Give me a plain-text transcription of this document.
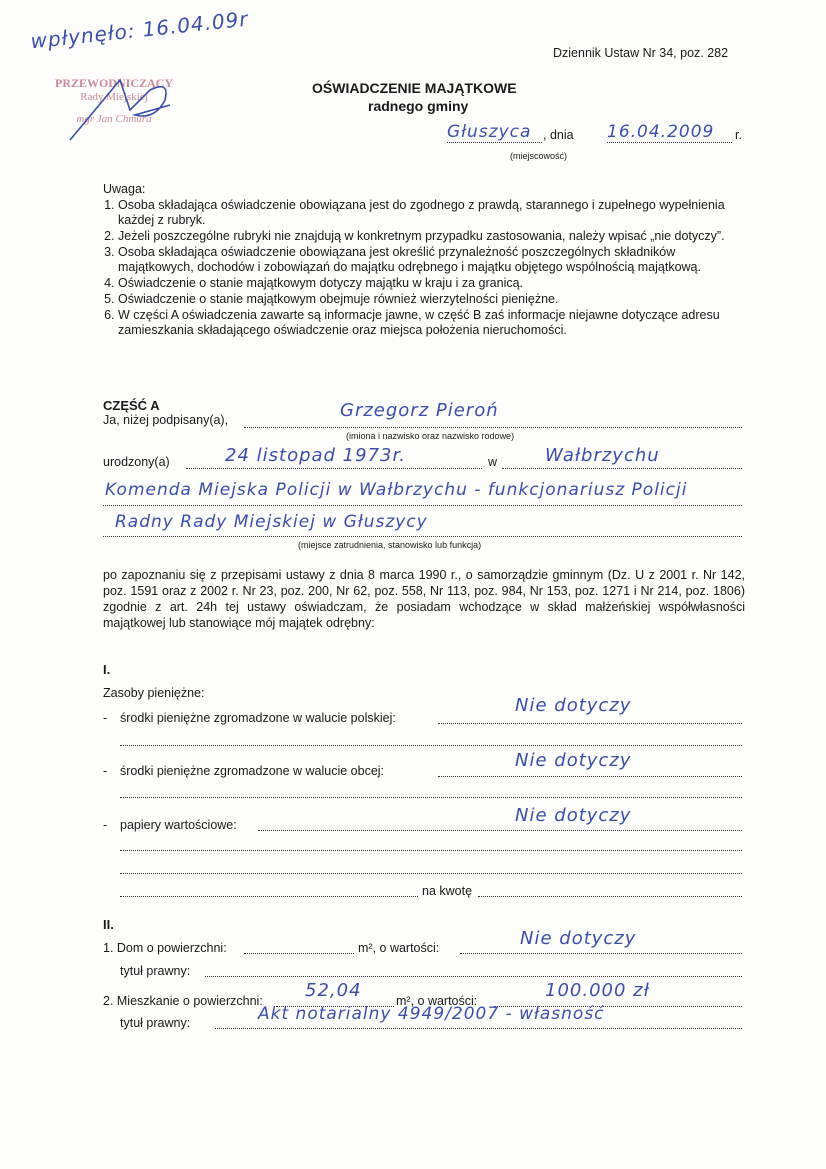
wpłynęło: 16.04.09r	Dziennik Ustaw Nr 34, poz. 282
PRZEWODNICZĄCY
Rady Miejskiej
mgr Jan Chmura
OŚWIADCZENIE MAJĄTKOWE
radnego gminy
Głuszyca , dnia 16.04.2009	r.
(miejscowość)
Uwaga:
1. Osoba składająca oświadczenie obowiązana jest do zgodnego z prawdą, starannego i zupełnego wypełnienia każdej z rubryk.
2. Jeżeli poszczególne rubryki nie znajdują w konkretnym przypadku zastosowania, należy wpisać „nie dotyczy”.
3. Osoba składająca oświadczenie obowiązana jest określić przynależność poszczególnych składników majątkowych, dochodów i zobowiązań do majątku odrębnego i majątku objętego wspólnością majątkową.
4. Oświadczenie o stanie majątkowym dotyczy majątku w kraju i za granicą.
5. Oświadczenie o stanie majątkowym obejmuje również wierzytelności pieniężne.
6. W części A oświadczenia zawarte są informacje jawne, w część B zaś informacje niejawne dotyczące adresu zamieszkania składającego oświadczenie oraz miejsca położenia nieruchomości.
CZĘŚĆ A
Ja, niżej podpisany(a),	Grzegorz Pieroń
(imiona i nazwisko oraz nazwisko rodowe)
urodzony(a)	24 listopad 1973r.	w	Wałbrzychu
Komenda Miejska Policji w Wałbrzychu - funkcjonariusz Policji
Radny Rady Miejskiej w Głuszycy
(miejsce zatrudnienia, stanowisko lub funkcja)
po zapoznaniu się z przepisami ustawy z dnia 8 marca 1990 r., o samorządzie gminnym (Dz. U z 2001 r. Nr 142, poz. 1591 oraz z 2002 r. Nr 23, poz. 200, Nr 62, poz. 558, Nr 113, poz. 984, Nr 153, poz. 1271 i Nr 214, poz. 1806) zgodnie z art. 24h tej ustawy oświadczam, że posiadam wchodzące w skład małżeńskiej współwłasności majątkowej lub stanowiące mój majątek odrębny:
I.
Zasoby pieniężne:
- środki pieniężne zgromadzone w walucie polskiej:
Nie dotyczy
- środki pieniężne zgromadzone w walucie obcej:	Nie dotyczy
- papiery wartościowe:	Nie dotyczy
na kwotę
II.
1. Dom o powierzchni:	m², o wartości:	Nie dotyczy
tytuł prawny:
2. Mieszkanie o powierzchni: 52,04	m², o wartości:	100.000 zł
tytuł prawny:	Akt notarialny 4949/2007 - własność
